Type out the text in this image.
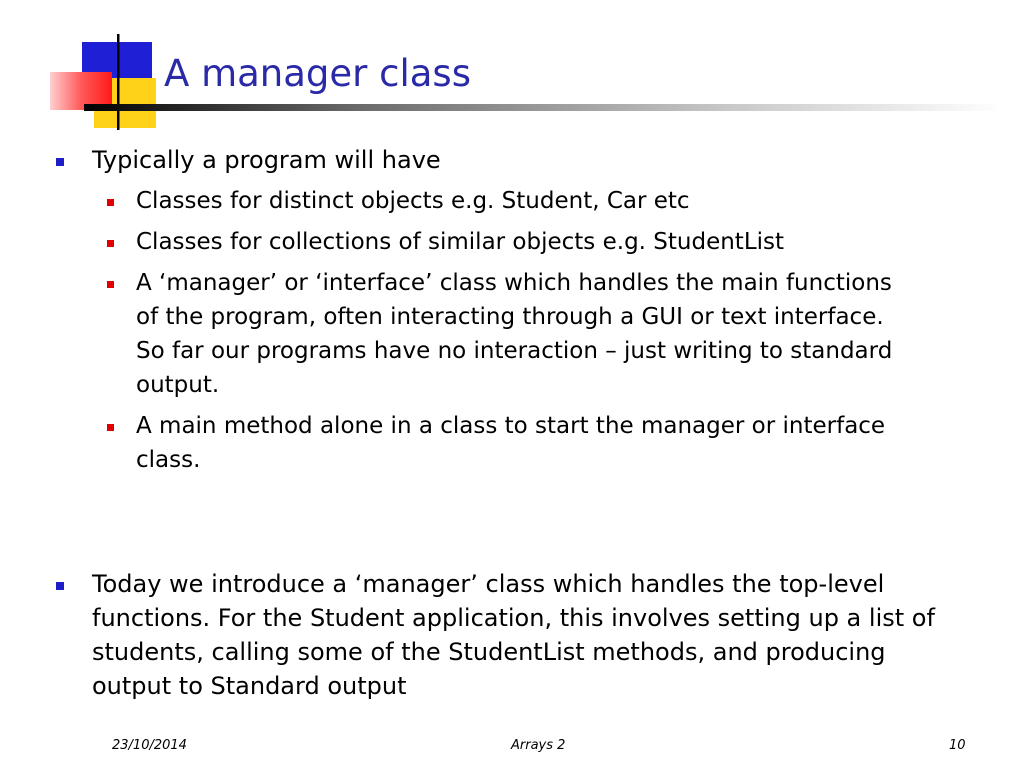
A manager class
Typically a program will have
Classes for distinct objects e.g. Student, Car etc
Classes for collections of similar objects e.g. StudentList
A ‘manager’ or ‘interface’ class which handles the main functions
of the program, often interacting through a GUI or text interface.
So far our programs have no interaction – just writing to standard
output.
A main method alone in a class to start the manager or interface
class.
Today we introduce a ‘manager’ class which handles the top-level
functions. For the Student application, this involves setting up a list of
students, calling some of the StudentList methods, and producing
output to Standard output
23/10/2014	Arrays 2	10
